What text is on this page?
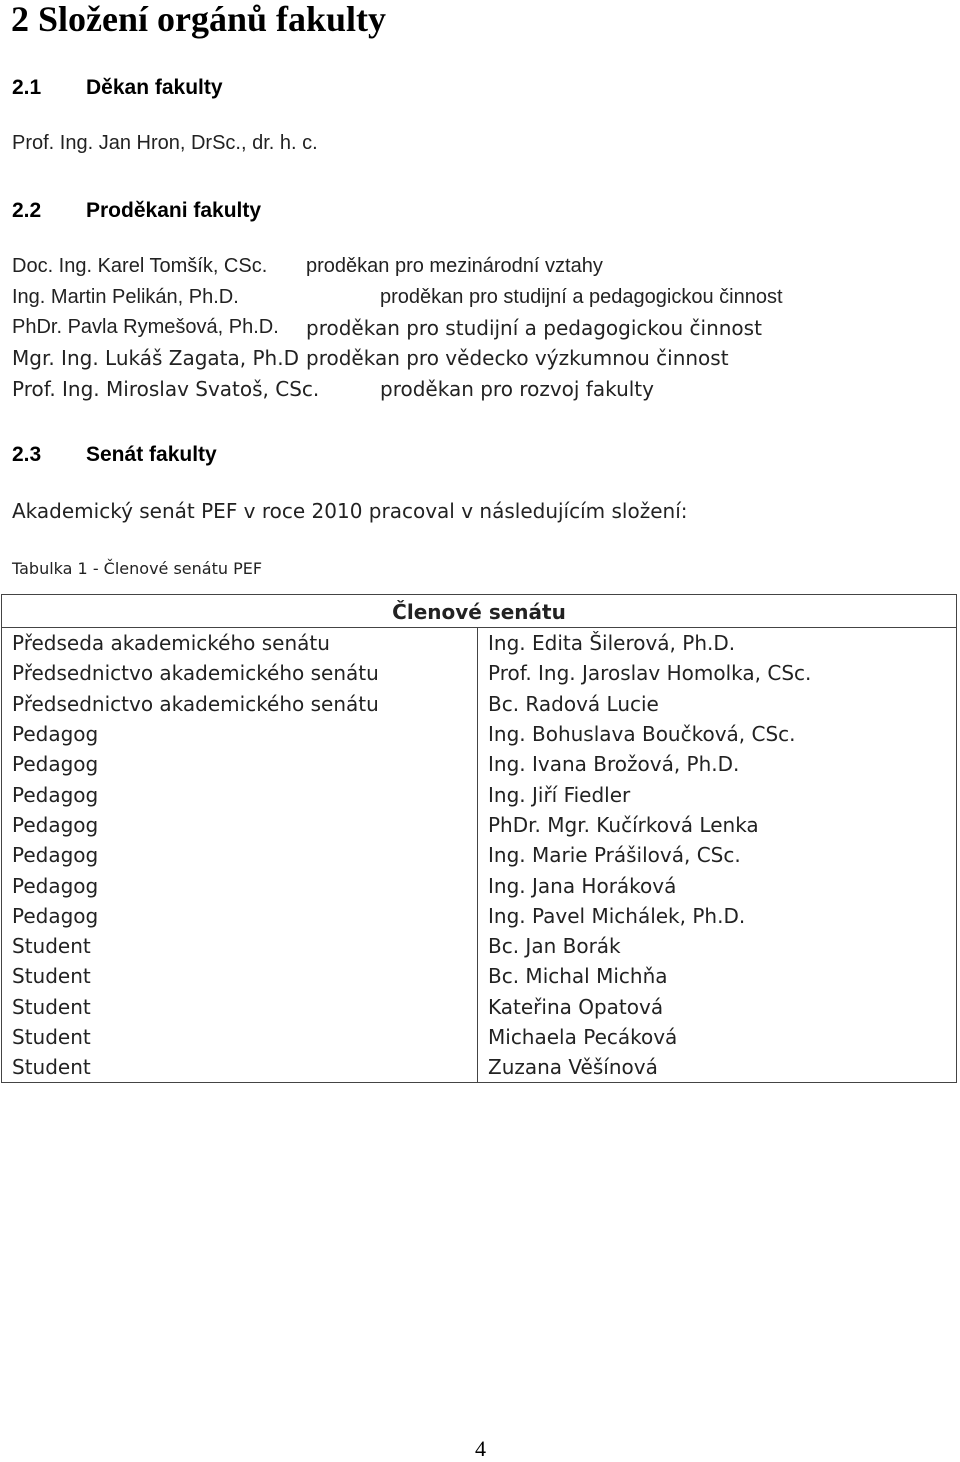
2 Složení orgánů fakulty
2.1 Děkan fakulty
Prof. Ing. Jan Hron, DrSc., dr. h. c.
2.2 Proděkani fakulty
Doc. Ing. Karel Tomšík, CSc. proděkan pro mezinárodní vztahy
Ing. Martin Pelikán, Ph.D.	proděkan pro studijní a pedagogickou činnost
PhDr. Pavla Rymešová, Ph.D. proděkan pro studijní a pedagogickou činnost
Mgr. Ing. Lukáš Zagata, Ph.D proděkan pro vědecko výzkumnou činnost
Prof. Ing. Miroslav Svatoš, CSc.	proděkan pro rozvoj fakulty
2.3 Senát fakulty
Akademický senát PEF v roce 2010 pracoval v následujícím složení:
Tabulka 1 - Členové senátu PEF
Členové senátu	
Předseda akademického senátu	Ing. Edita Šilerová, Ph.D.
Předsednictvo akademického senátu	Prof. Ing. Jaroslav Homolka, CSc.
Předsednictvo akademického senátu	Bc. Radová Lucie
Pedagog	Ing. Bohuslava Boučková, CSc.
Pedagog	Ing. Ivana Brožová, Ph.D.
Pedagog	Ing. Jiří Fiedler
Pedagog	PhDr. Mgr. Kučírková Lenka
Pedagog	Ing. Marie Prášilová, CSc.
Pedagog	Ing. Jana Horáková
Pedagog	Ing. Pavel Michálek, Ph.D.
Student	Bc. Jan Borák
Student	Bc. Michal Michňa
Student	Kateřina Opatová
Student	Michaela Pecáková
Student	Zuzana Věšínová
4
